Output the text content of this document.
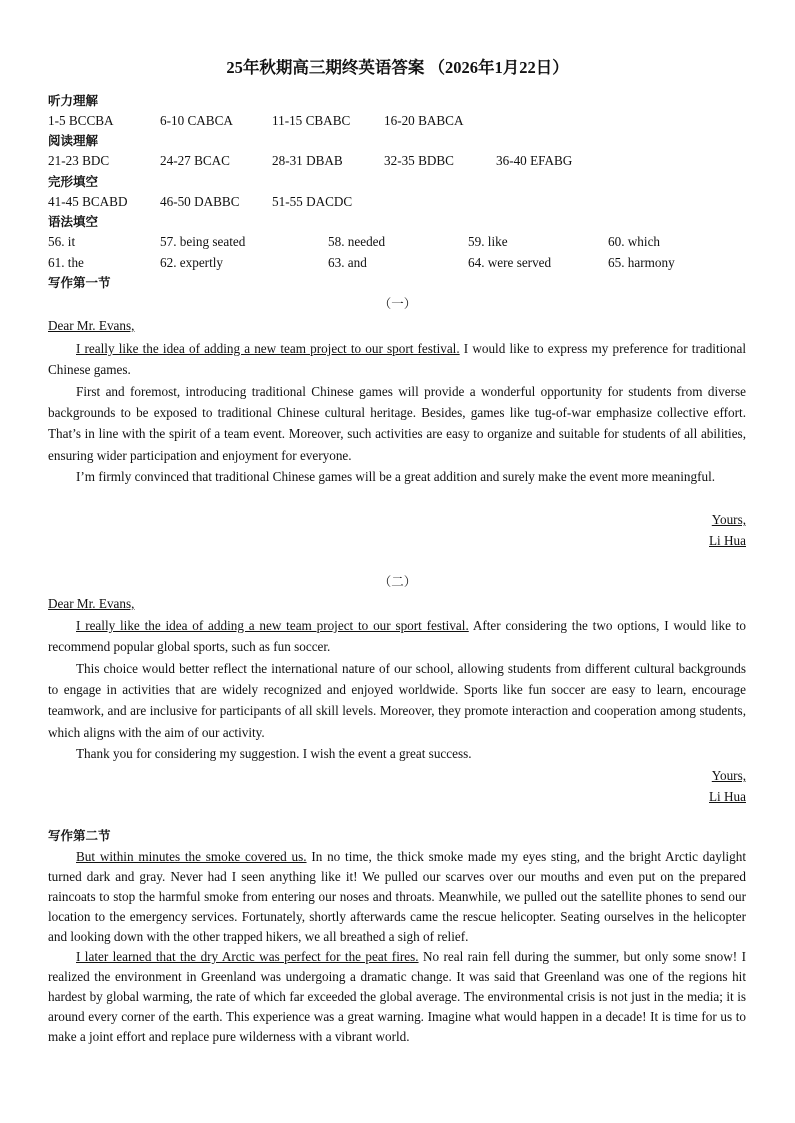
25年秋期高三期终英语答案 （2026年1月22日）
听力理解
1-5 BCCBA	6-10 CABCA	11-15 CBABC	16-20 BABCA
阅读理解
21-23 BDC	24-27 BCAC	28-31 DBAB	32-35 BDBC	36-40 EFABG
完形填空
41-45 BCABD 46-50 DABBC 51-55 DACDC
语法填空
56. it	57. being seated	58. needed	59. like	60. which
61. the	62. expertly	63. and	64. were served	65. harmony
写作第一节
（一）
Dear Mr. Evans,

I really like the idea of adding a new team project to our sport festival. I would like to express my preference for traditional Chinese games.

First and foremost, introducing traditional Chinese games will provide a wonderful opportunity for students from diverse backgrounds to be exposed to traditional Chinese cultural heritage. Besides, games like tug-of-war emphasize collective effort. That’s in line with the spirit of a team event. Moreover, such activities are easy to organize and suitable for students of all abilities, ensuring wider participation and enjoyment for everyone.

I’m firmly convinced that traditional Chinese games will be a great addition and surely make the event more meaningful.

Yours,
Li Hua
（二）
Dear Mr. Evans,

I really like the idea of adding a new team project to our sport festival. After considering the two options, I would like to recommend popular global sports, such as fun soccer.

This choice would better reflect the international nature of our school, allowing students from different cultural backgrounds to engage in activities that are widely recognized and enjoyed worldwide. Sports like fun soccer are easy to learn, encourage teamwork, and are inclusive for participants of all skill levels. Moreover, they promote interaction and cooperation among students, which aligns with the aim of our activity.

Thank you for considering my suggestion. I wish the event a great success.

Yours,
Li Hua
写作第二节

But within minutes the smoke covered us. In no time, the thick smoke made my eyes sting, and the bright Arctic daylight turned dark and gray. Never had I seen anything like it! We pulled our scarves over our mouths and even put on the prepared raincoats to stop the harmful smoke from entering our noses and throats. Meanwhile, we pulled out the satellite phones to send our location to the emergency services. Fortunately, shortly afterwards came the rescue helicopter. Seating ourselves in the helicopter and looking down with the other trapped hikers, we all breathed a sigh of relief.

I later learned that the dry Arctic was perfect for the peat fires. No real rain fell during the summer, but only some snow! I realized the environment in Greenland was undergoing a dramatic change. It was said that Greenland was one of the regions hit hardest by global warming, the rate of which far exceeded the global average. The environmental crisis is not just in the media; it is around every corner of the earth. This experience was a great warning. Imagine what would happen in a decade! It is time for us to make a joint effort and replace pure wilderness with a vibrant world.
